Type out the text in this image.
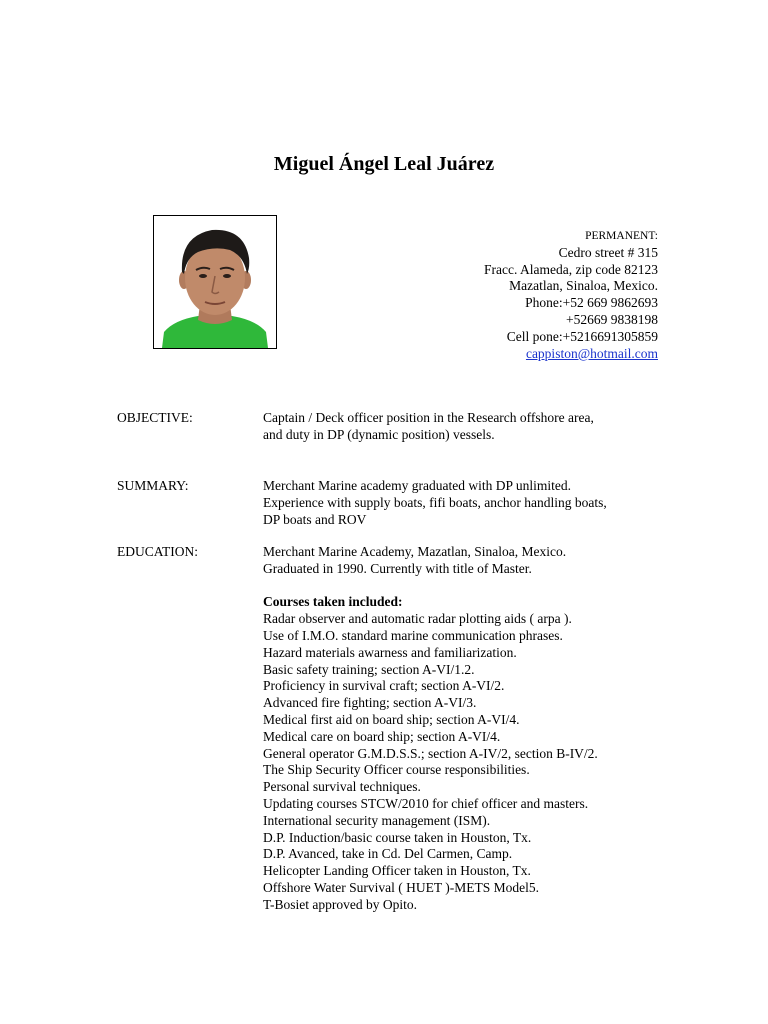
Miguel Ángel Leal Juárez
PERMANENT:
Cedro street # 315
Fracc. Alameda, zip code 82123
Mazatlan, Sinaloa, Mexico.
Phone:+52 669 9862693
+52669 9838198
Cell pone:+5216691305859
cappiston@hotmail.com
OBJECTIVE:	Captain / Deck officer position in the Research offshore area,
and duty in DP (dynamic position) vessels.
SUMMARY:	Merchant Marine academy graduated with DP unlimited.
Experience with supply boats, fifi boats, anchor handling boats,
DP boats and ROV
EDUCATION:	Merchant Marine Academy, Mazatlan, Sinaloa, Mexico.
Graduated in 1990. Currently with title of Master.
Courses taken included:
Radar observer and automatic radar plotting aids ( arpa ).
Use of I.M.O. standard marine communication phrases.
Hazard materials awarness and familiarization.
Basic safety training; section A-VI/1.2.
Proficiency in survival craft; section A-VI/2.
Advanced fire fighting; section A-VI/3.
Medical first aid on board ship; section A-VI/4.
Medical care on board ship; section A-VI/4.
General operator G.M.D.S.S.; section A-IV/2, section B-IV/2.
The Ship Security Officer course responsibilities.
Personal survival techniques.
Updating courses STCW/2010 for chief officer and masters.
International security management (ISM).
D.P. Induction/basic course taken in Houston, Tx.
D.P. Avanced, take in Cd. Del Carmen, Camp.
Helicopter Landing Officer taken in Houston, Tx.
Offshore Water Survival ( HUET )-METS Model5.
T-Bosiet approved by Opito.
